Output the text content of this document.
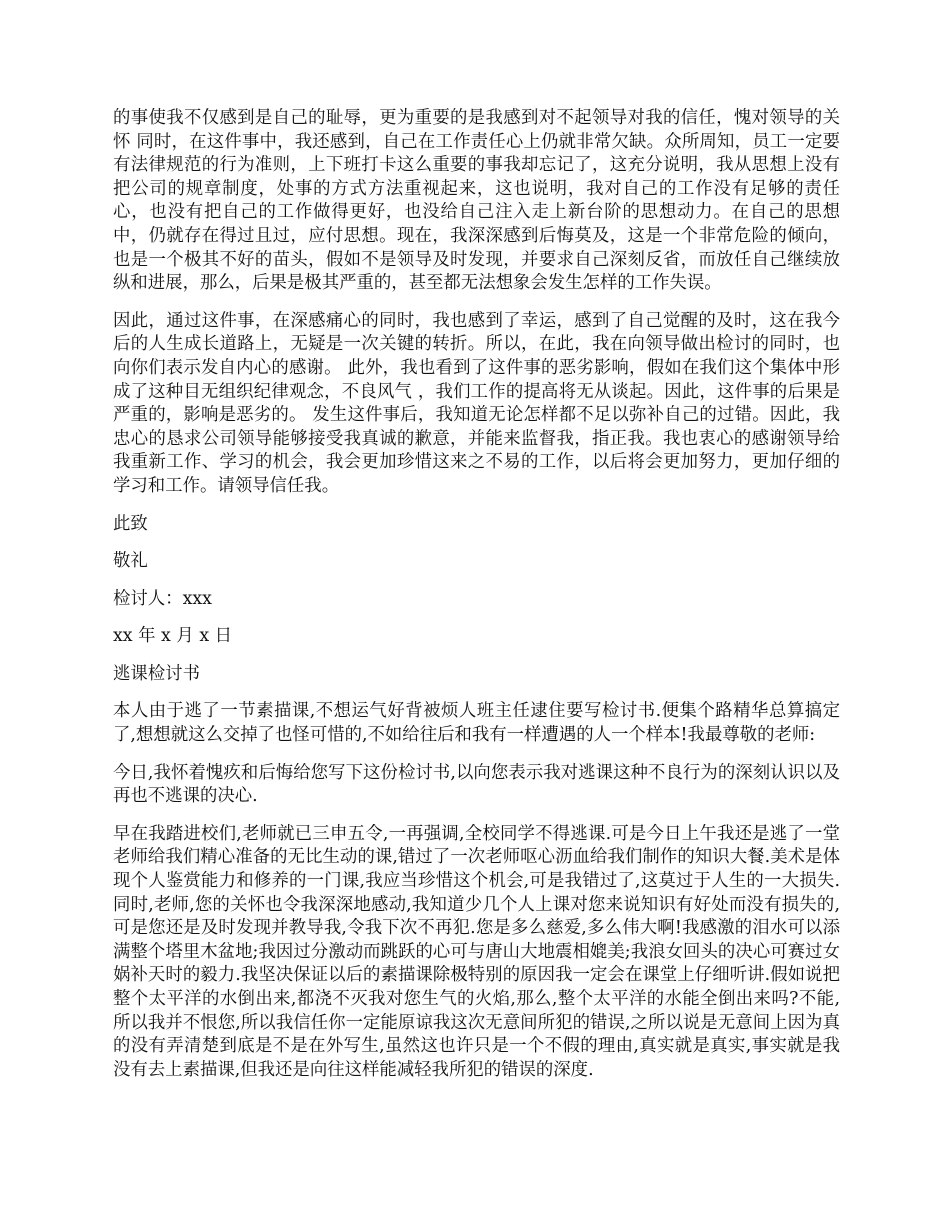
的事使我不仅感到是自己的耻辱，更为重要的是我感到对不起领导对我的信任，愧对领导的关怀 同时，在这件事中，我还感到，自己在工作责任心上仍就非常欠缺。众所周知，员工一定要有法律规范的行为准则，上下班打卡这么重要的事我却忘记了，这充分说明，我从思想上没有把公司的规章制度，处事的方式方法重视起来，这也说明，我对自己的工作没有足够的责任心，也没有把自己的工作做得更好，也没给自己注入走上新台阶的思想动力。在自己的思想中，仍就存在得过且过，应付思想。现在，我深深感到后悔莫及，这是一个非常危险的倾向，也是一个极其不好的苗头，假如不是领导及时发现，并要求自己深刻反省，而放任自己继续放纵和进展，那么，后果是极其严重的，甚至都无法想象会发生怎样的工作失误。

因此，通过这件事，在深感痛心的同时，我也感到了幸运，感到了自己觉醒的及时，这在我今后的人生成长道路上，无疑是一次关键的转折。所以，在此，我在向领导做出检讨的同时，也向你们表示发自内心的感谢。 此外，我也看到了这件事的恶劣影响，假如在我们这个集体中形成了这种目无组织纪律观念，不良风气 ，我们工作的提高将无从谈起。因此，这件事的后果是严重的，影响是恶劣的。 发生这件事后，我知道无论怎样都不足以弥补自己的过错。因此，我忠心的恳求公司领导能够接受我真诚的歉意，并能来监督我，指正我。我也衷心的感谢领导给我重新工作、学习的机会，我会更加珍惜这来之不易的工作，以后将会更加努力，更加仔细的学习和工作。请领导信任我。

此致

敬礼

检讨人：xxx

xx 年 x 月 x 日

逃课检讨书

本人由于逃了一节素描课,不想运气好背被烦人班主任逮住要写检讨书.便集个路精华总算搞定了,想想就这么交掉了也怪可惜的,不如给往后和我有一样遭遇的人一个样本!我最尊敬的老师:

今日,我怀着愧疚和后悔给您写下这份检讨书,以向您表示我对逃课这种不良行为的深刻认识以及再也不逃课的决心.

早在我踏进校们,老师就已三申五令,一再强调,全校同学不得逃课.可是今日上午我还是逃了一堂老师给我们精心准备的无比生动的课,错过了一次老师呕心沥血给我们制作的知识大餐.美术是体现个人鉴赏能力和修养的一门课,我应当珍惜这个机会,可是我错过了,这莫过于人生的一大损失.同时,老师,您的关怀也令我深深地感动,我知道少几个人上课对您来说知识有好处而没有损失的,可是您还是及时发现并教导我,令我下次不再犯.您是多么慈爱,多么伟大啊!我感激的泪水可以添满整个塔里木盆地;我因过分激动而跳跃的心可与唐山大地震相媲美;我浪女回头的决心可赛过女娲补天时的毅力.我坚决保证以后的素描课除极特别的原因我一定会在课堂上仔细听讲.假如说把整个太平洋的水倒出来,都浇不灭我对您生气的火焰,那么,整个太平洋的水能全倒出来吗?不能,所以我并不恨您,所以我信任你一定能原谅我这次无意间所犯的错误,之所以说是无意间上因为真的没有弄清楚到底是不是在外写生,虽然这也许只是一个不假的理由,真实就是真实,事实就是我没有去上素描课,但我还是向往这样能减轻我所犯的错误的深度.
